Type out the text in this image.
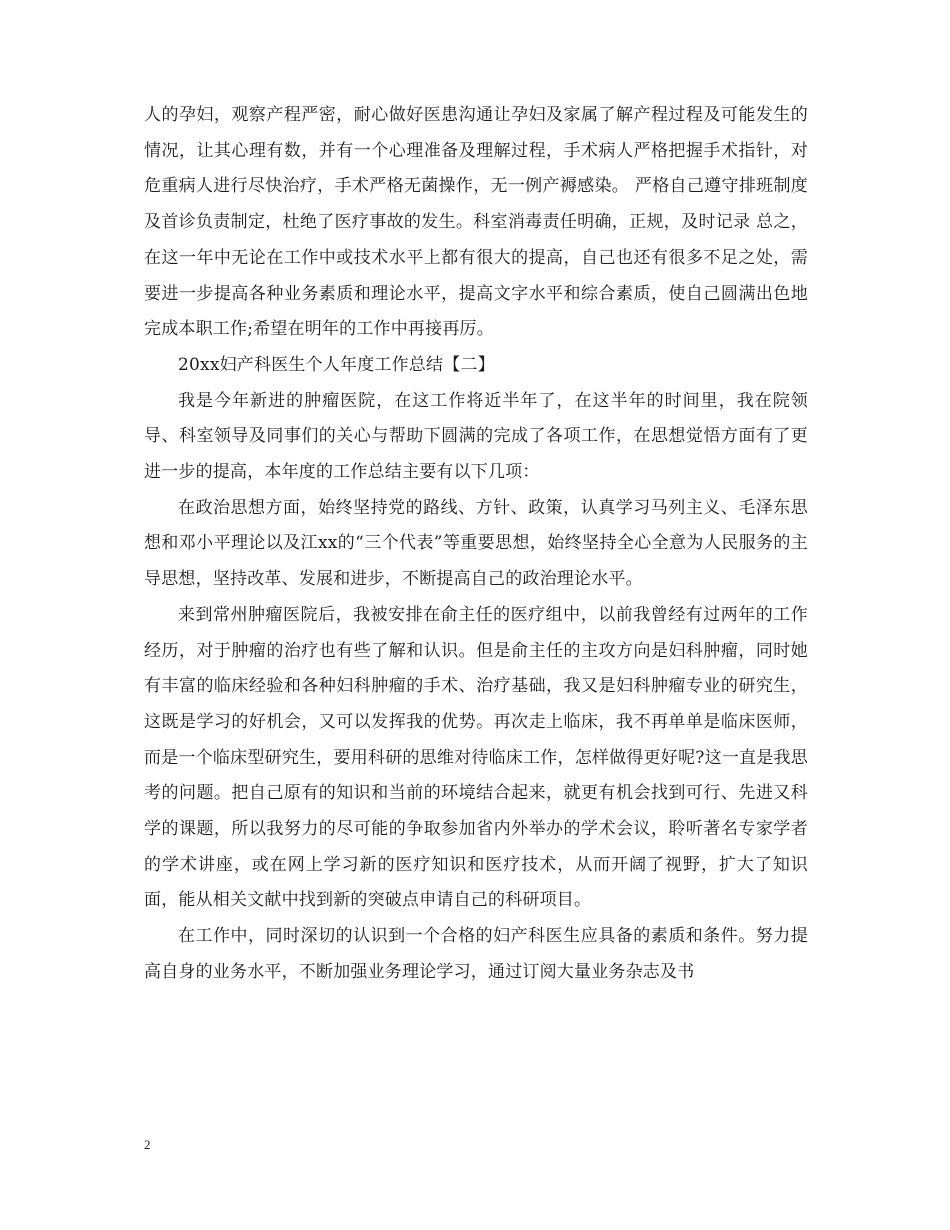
人的孕妇，观察产程严密，耐心做好医患沟通让孕妇及家属了解产程过程及可能发生的情况，让其心理有数，并有一个心理准备及理解过程，手术病人严格把握手术指针，对危重病人进行尽快治疗，手术严格无菌操作，无一例产褥感染。 严格自己遵守排班制度及首诊负责制定，杜绝了医疗事故的发生。科室消毒责任明确，正规，及时记录 总之，在这一年中无论在工作中或技术水平上都有很大的提高，自己也还有很多不足之处，需要进一步提高各种业务素质和理论水平，提高文字水平和综合素质，使自己圆满出色地完成本职工作;希望在明年的工作中再接再厉。

20xx妇产科医生个人年度工作总结【二】

我是今年新进的肿瘤医院，在这工作将近半年了，在这半年的时间里，我在院领导、科室领导及同事们的关心与帮助下圆满的完成了各项工作，在思想觉悟方面有了更进一步的提高，本年度的工作总结主要有以下几项：

在政治思想方面，始终坚持党的路线、方针、政策，认真学习马列主义、毛泽东思想和邓小平理论以及江xx的“三个代表”等重要思想，始终坚持全心全意为人民服务的主导思想，坚持改革、发展和进步，不断提高自己的政治理论水平。

来到常州肿瘤医院后，我被安排在俞主任的医疗组中，以前我曾经有过两年的工作经历，对于肿瘤的治疗也有些了解和认识。但是俞主任的主攻方向是妇科肿瘤，同时她有丰富的临床经验和各种妇科肿瘤的手术、治疗基础，我又是妇科肿瘤专业的研究生，这既是学习的好机会，又可以发挥我的优势。再次走上临床，我不再单单是临床医师，而是一个临床型研究生，要用科研的思维对待临床工作，怎样做得更好呢?这一直是我思考的问题。把自己原有的知识和当前的环境结合起来，就更有机会找到可行、先进又科学的课题，所以我努力的尽可能的争取参加省内外举办的学术会议，聆听著名专家学者的学术讲座，或在网上学习新的医疗知识和医疗技术，从而开阔了视野，扩大了知识面，能从相关文献中找到新的突破点申请自己的科研项目。

在工作中，同时深切的认识到一个合格的妇产科医生应具备的素质和条件。努力提高自身的业务水平，不断加强业务理论学习，通过订阅大量业务杂志及书

2
